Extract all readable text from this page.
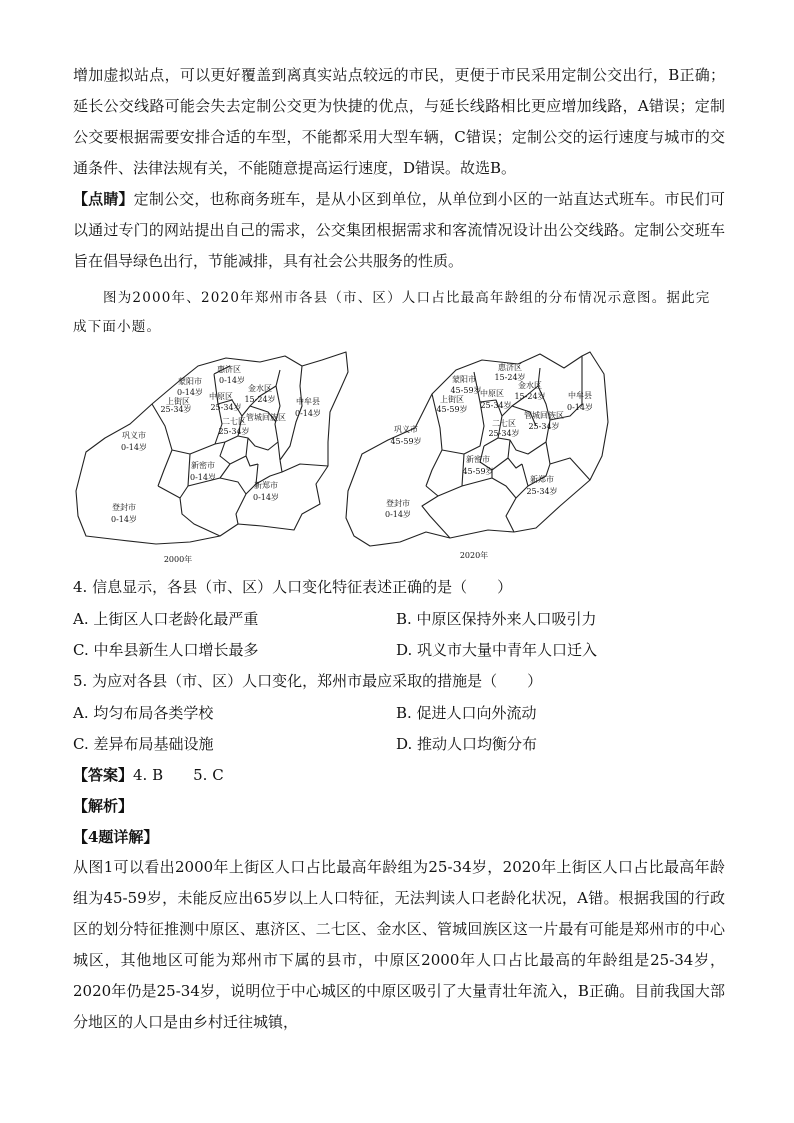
增加虚拟站点，可以更好覆盖到离真实站点较远的市民，更便于市民采用定制公交出行，B正确；延长公交线路可能会失去定制公交更为快捷的优点，与延长线路相比更应增加线路，A错误；定制公交要根据需要安排合适的车型，不能都采用大型车辆，C错误；定制公交的运行速度与城市的交通条件、法律法规有关，不能随意提高运行速度，D错误。故选B。

【点睛】定制公交，也称商务班车，是从小区到单位，从单位到小区的一站直达式班车。市民们可以通过专门的网站提出自己的需求，公交集团根据需求和客流情况设计出公交线路。定制公交班车旨在倡导绿色出行，节能减排，具有社会公共服务的性质。

图为2000年、2020年郑州市各县（市、区）人口占比最高年龄组的分布情况示意图。据此完成下面小题。

惠济区
0-14岁
蒙阳市
0-14岁
上街区
25-34岁
中原区
25-34岁
金水区
15-24岁
管城回族区
二七区
25-34岁
中牟县
0-14岁
巩义市
0-14岁
新密市
0-14岁
新郑市
0-14岁
登封市
0-14岁
2000年
惠济区
15-24岁
蒙阳市
45-59岁
上街区
45-59岁
中原区
25-34岁
金水区
15-24岁
管城回族区
25-34岁
二七区
25-34岁
中牟县
0-14岁
巩义市
45-59岁
新密市
45-59岁
新郑市
25-34岁
登封市
0-14岁
2020年

4. 信息显示，各县（市、区）人口变化特征表述正确的是（　　）

A. 上街区人口老龄化最严重	B. 中原区保持外来人口吸引力
C. 中牟县新生人口增长最多	D. 巩义市大量中青年人口迁入

5. 为应对各县（市、区）人口变化，郑州市最应采取的措施是（　　）

A. 均匀布局各类学校	B. 促进人口向外流动
C. 差异布局基础设施	D. 推动人口均衡分布

【答案】4. B　　5. C

【解析】

【4题详解】

从图1可以看出2000年上街区人口占比最高年龄组为25-34岁，2020年上街区人口占比最高年龄组为45-59岁，未能反应出65岁以上人口特征，无法判读人口老龄化状况，A错。根据我国的行政区的划分特征推测中原区、惠济区、二七区、金水区、管城回族区这一片最有可能是郑州市的中心城区，其他地区可能为郑州市下属的县市，中原区2000年人口占比最高的年龄组是25-34岁，2020年仍是25-34岁，说明位于中心城区的中原区吸引了大量青壮年流入，B正确。目前我国大部分地区的人口是由乡村迁往城镇，
